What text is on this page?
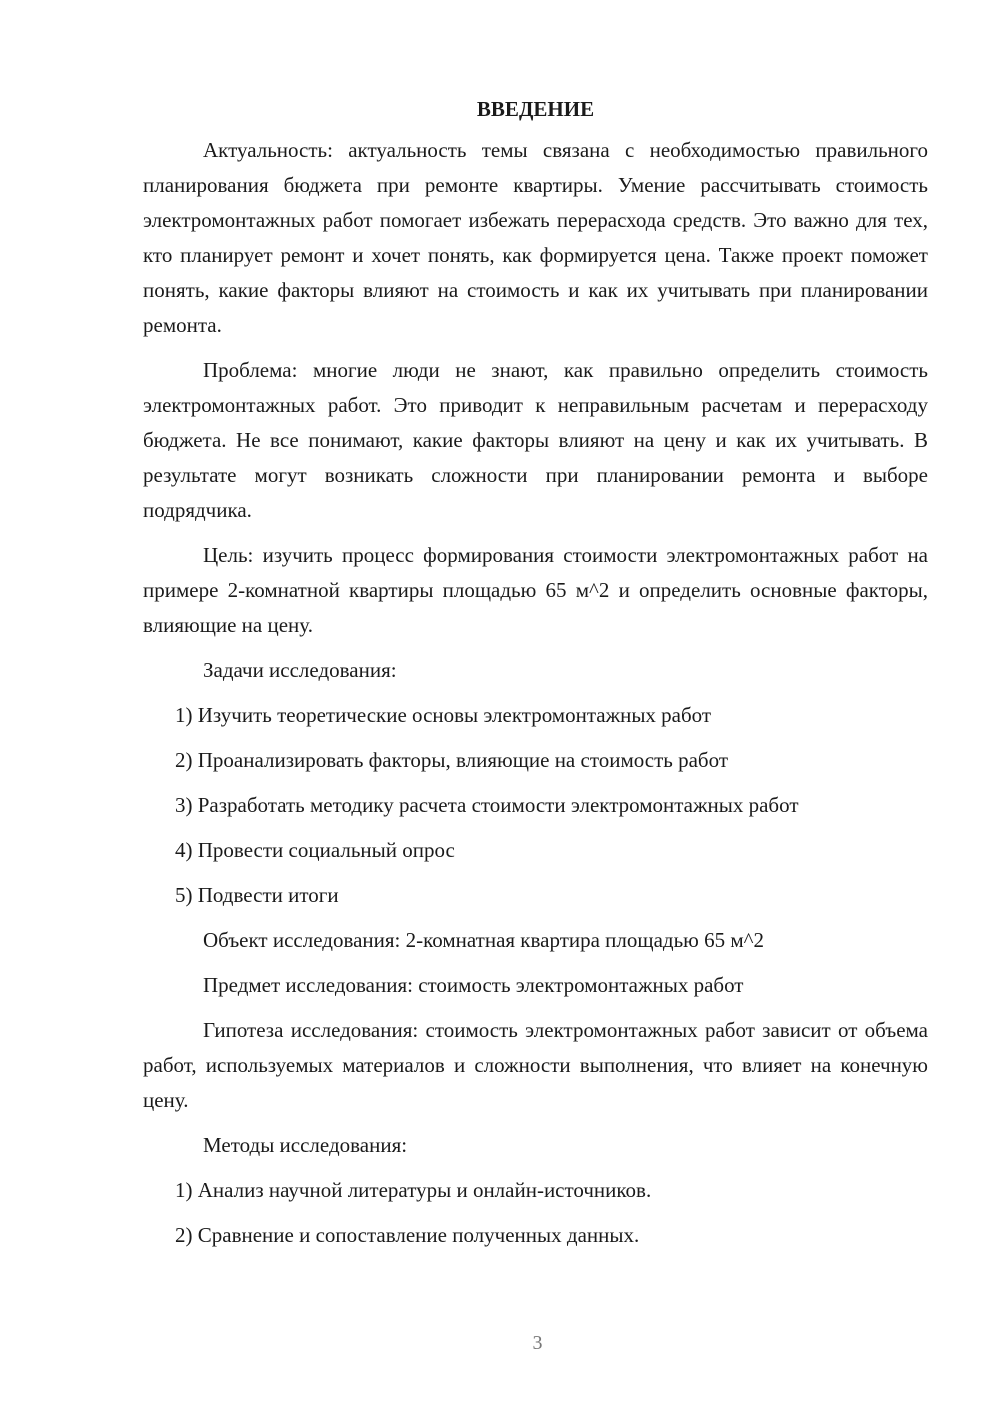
ВВЕДЕНИЕ

Актуальность: актуальность темы связана с необходимостью правильного планирования бюджета при ремонте квартиры. Умение рассчитывать стоимость электромонтажных работ помогает избежать перерасхода средств. Это важно для тех, кто планирует ремонт и хочет понять, как формируется цена. Также проект поможет понять, какие факторы влияют на стоимость и как их учитывать при планировании ремонта.

Проблема: многие люди не знают, как правильно определить стоимость электромонтажных работ. Это приводит к неправильным расчетам и перерасходу бюджета. Не все понимают, какие факторы влияют на цену и как их учитывать. В результате могут возникать сложности при планировании ремонта и выборе подрядчика.

Цель: изучить процесс формирования стоимости электромонтажных работ на примере 2-комнатной квартиры площадью 65 м^2 и определить основные факторы, влияющие на цену.

Задачи исследования:

1) Изучить теоретические основы электромонтажных работ

2) Проанализировать факторы, влияющие на стоимость работ

3) Разработать методику расчета стоимости электромонтажных работ

4) Провести социальный опрос

5) Подвести итоги

Объект исследования: 2-комнатная квартира площадью 65 м^2

Предмет исследования: стоимость электромонтажных работ

Гипотеза исследования: стоимость электромонтажных работ зависит от объема работ, используемых материалов и сложности выполнения, что влияет на конечную цену.

Методы исследования:

1) Анализ научной литературы и онлайн-источников.

2) Сравнение и сопоставление полученных данных.

3
